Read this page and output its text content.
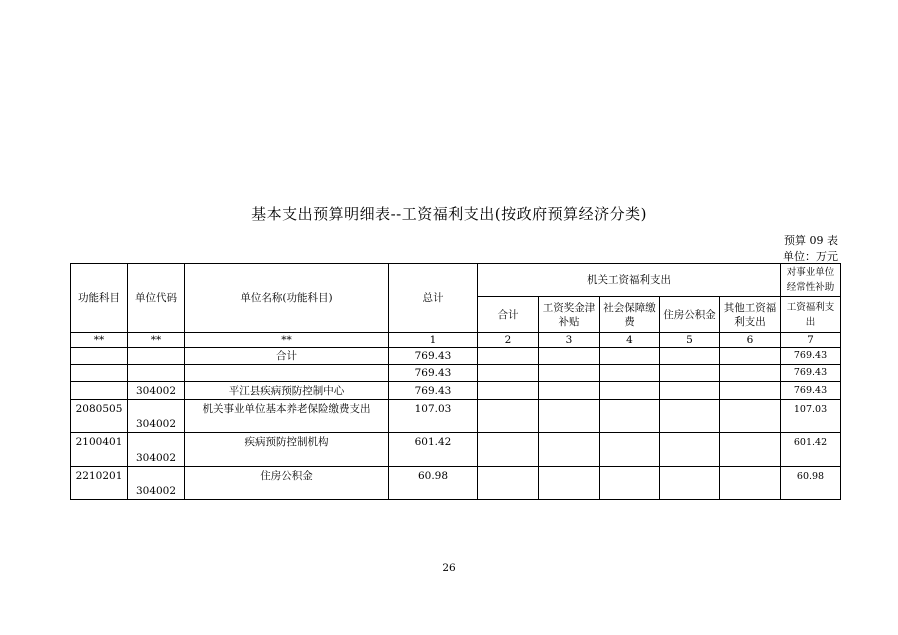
基本支出预算明细表--工资福利支出(按政府预算经济分类)
预算 09 表
单位：万元
功能科目	单位代码	单位名称(功能科目)	总计	机关工资福利支出					对事业单位经常性补助
				合计	工资奖金津补贴	社会保障缴费	住房公积金	其他工资福利支出	工资福利支出
**	**	**	1	2	3	4	5	6	7
		合计	769.43						769.43
			769.43						769.43
	304002	平江县疾病预防控制中心	769.43						769.43
2080505	304002	机关事业单位基本养老保险缴费支出	107.03						107.03
2100401	304002	疾病预防控制机构	601.42						601.42
2210201	304002	住房公积金	60.98						60.98
26
